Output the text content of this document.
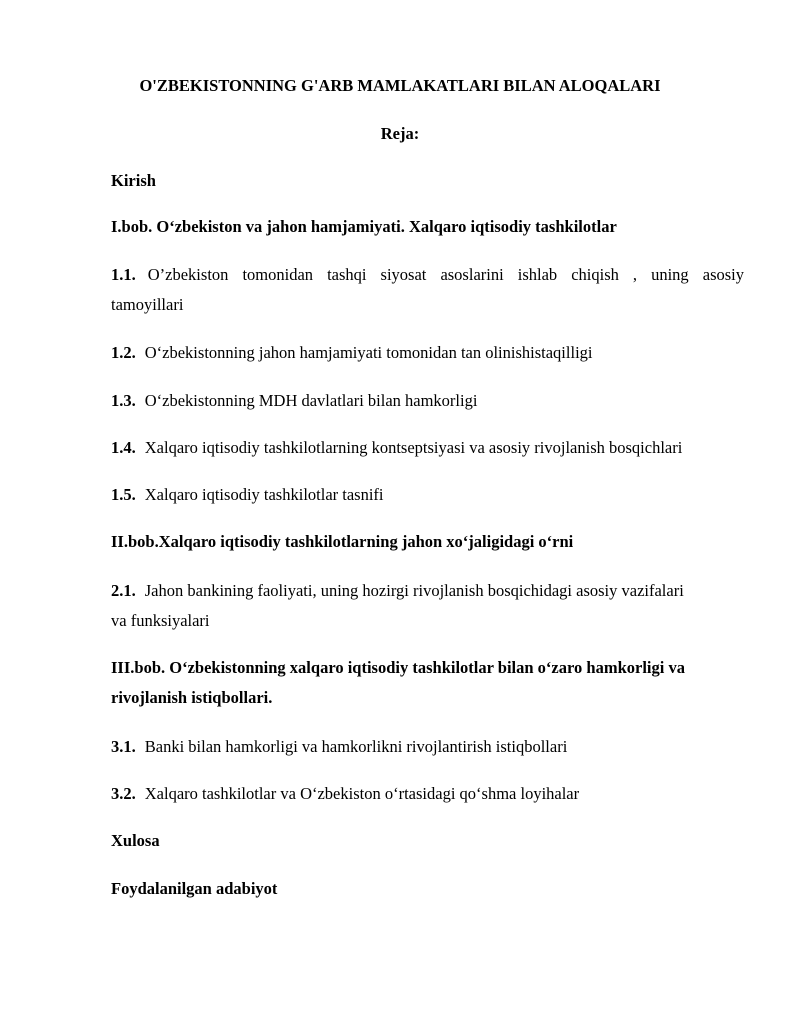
O'ZBEKISTONNING G'ARB MAMLAKATLARI BILAN ALOQALARI
Reja:
Kirish
I.bob. O‘zbekiston va jahon hamjamiyati. Xalqaro iqtisodiy tashkilotlar
1.1. O’zbekiston tomonidan tashqi siyosat asoslarini ishlab chiqish , uning asosiy
tamoyillari
1.2. O‘zbekistonning jahon hamjamiyati tomonidan tan olinishistaqilligi
1.3. O‘zbekistonning MDH davlatlari bilan hamkorligi
1.4. Xalqaro iqtisodiy tashkilotlarning kontseptsiyasi va asosiy rivojlanish bosqichlari
1.5. Xalqaro iqtisodiy tashkilotlar tasnifi
II.bob.Xalqaro iqtisodiy tashkilotlarning jahon xo‘jaligidagi o‘rni
2.1. Jahon bankining faoliyati, uning hozirgi rivojlanish bosqichidagi asosiy vazifalari
va funksiyalari
III.bob. O‘zbekistonning xalqaro iqtisodiy tashkilotlar bilan o‘zaro hamkorligi va
rivojlanish istiqbollari.
3.1. Banki bilan hamkorligi va hamkorlikni rivojlantirish istiqbollari
3.2. Xalqaro tashkilotlar va O‘zbekiston o‘rtasidagi qo‘shma loyihalar
Xulosa
Foydalanilgan adabiyot
